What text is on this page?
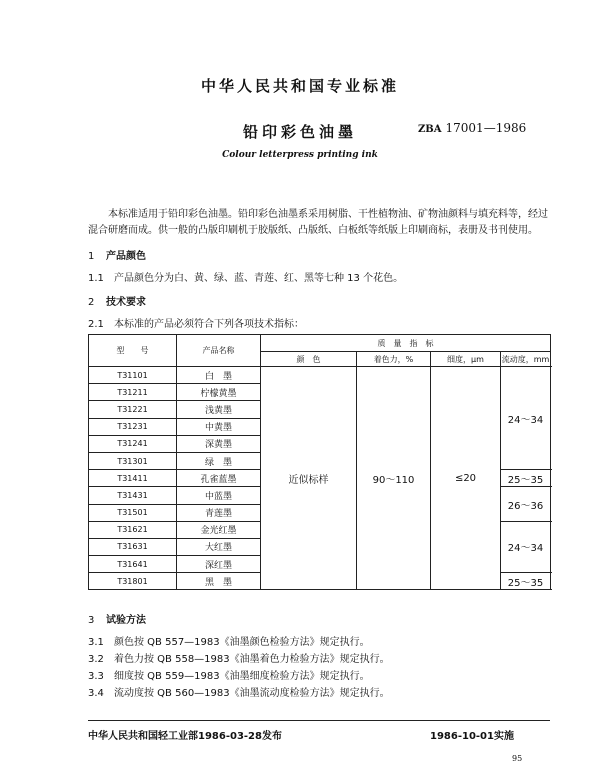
中华人民共和国专业标准
铅印彩色油墨	ZBA 17001—1986
Colour letterpress printing ink
本标准适用于铅印彩色油墨。铅印彩色油墨系采用树脂、干性植物油、矿物油颜料与填充料等，经过混合研磨而成。供一般的凸版印刷机于胶版纸、凸版纸、白板纸等纸版上印刷商标，表册及书刊使用。
1 产品颜色
1.1 产品颜色分为白、黄、绿、蓝、青莲、红、黑等七种 13 个花色。
2 技术要求
2.1 本标准的产品必须符合下列各项技术指标：
型　　号	产品名称	质　量　指　标			
		颜　色	着色力，%	细度，μm	流动度，mm
T31101	白　墨	近似标样	90～110	≤20	24～34
T31211	柠檬黄墨				
T31221	浅黄墨				
T31231	中黄墨				
T31241	深黄墨				
T31301	绿　墨				
T31411	孔雀蓝墨				25～35
T31431	中蓝墨				26～36
T31501	青莲墨				
T31621	金光红墨				24～34
T31631	大红墨				
T31641	深红墨				
T31801	黑　墨				25～35
3 试验方法
3.1 颜色按 QB 557—1983《油墨颜色检验方法》规定执行。
3.2 着色力按 QB 558—1983《油墨着色力检验方法》规定执行。
3.3 细度按 QB 559—1983《油墨细度检验方法》规定执行。
3.4 流动度按 QB 560—1983《油墨流动度检验方法》规定执行。
中华人民共和国轻工业部1986-03-28发布	1986-10-01实施
95
